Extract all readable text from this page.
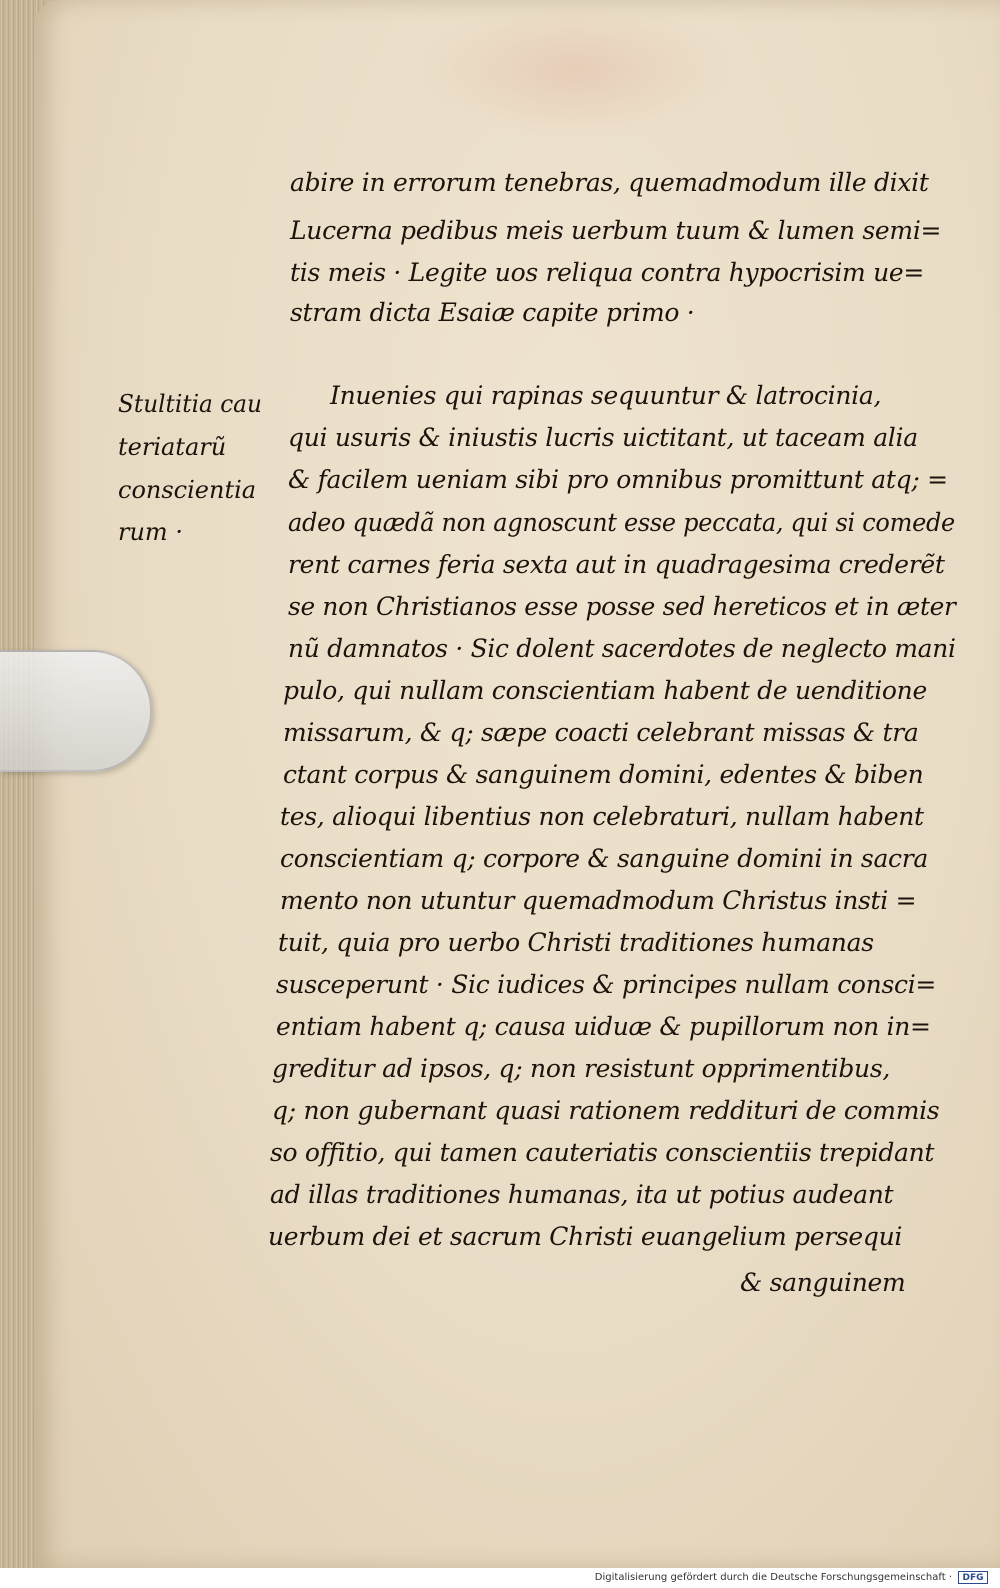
abire in errorum tenebras, quemadmodum ille dixit
Lucerna pedibus meis uerbum tuum & lumen semi=
tis meis · Legite uos reliqua contra hypocrisim ue=
stram dicta Esaiæ capite primo ·
Stultitia cau
teriatarũ
conscientia
rum ·
Inuenies qui rapinas sequuntur & latrocinia,
qui usuris & iniustis lucris uictitant, ut taceam alia
& facilem ueniam sibi pro omnibus promittunt atq; =
adeo quædã non agnoscunt esse peccata, qui si comede
rent carnes feria sexta aut in quadragesima crederẽt
se non Christianos esse posse sed hereticos et in æter
nũ damnatos · Sic dolent sacerdotes de neglecto mani
pulo, qui nullam conscientiam habent de uenditione
missarum, & q; sæpe coacti celebrant missas & tra
ctant corpus & sanguinem domini, edentes & biben
tes, alioqui libentius non celebraturi, nullam habent
conscientiam q; corpore & sanguine domini in sacra
mento non utuntur quemadmodum Christus insti =
tuit, quia pro uerbo Christi traditiones humanas
susceperunt · Sic iudices & principes nullam consci=
entiam habent q; causa uiduæ & pupillorum non in=
greditur ad ipsos, q; non resistunt opprimentibus,
q; non gubernant quasi rationem reddituri de commis
so offitio, qui tamen cauteriatis conscientiis trepidant
ad illas traditiones humanas, ita ut potius audeant
uerbum dei et sacrum Christi euangelium persequi
& sanguinem
Digitalisierung gefördert durch die Deutsche Forschungsgemeinschaft ·	DFG
